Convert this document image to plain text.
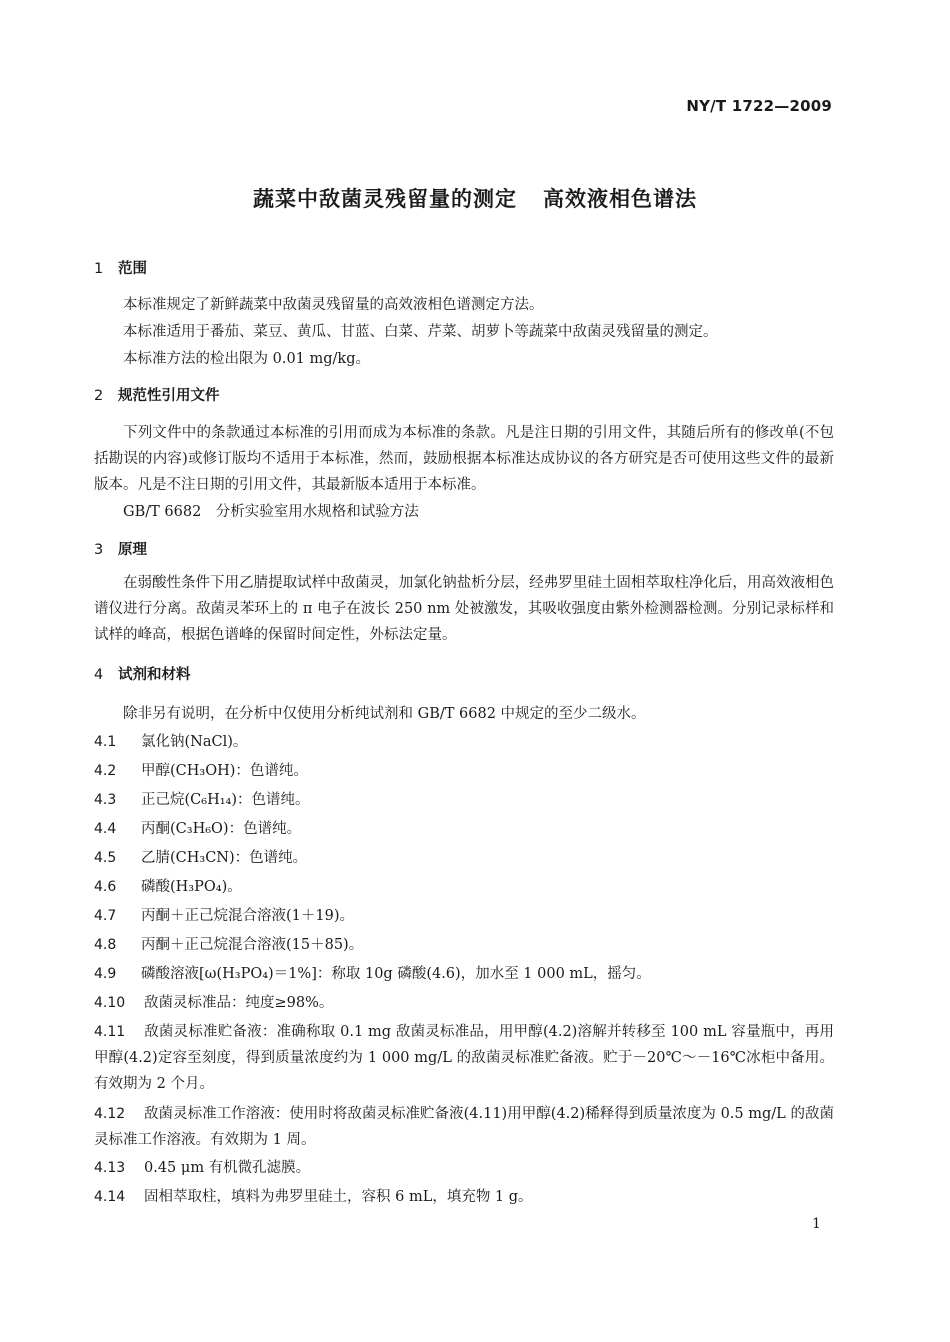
NY/T 1722—2009
蔬菜中敌菌灵残留量的测定 高效液相色谱法
1 范围
本标准规定了新鲜蔬菜中敌菌灵残留量的高效液相色谱测定方法。
本标准适用于番茄、菜豆、黄瓜、甘蓝、白菜、芹菜、胡萝卜等蔬菜中敌菌灵残留量的测定。
本标准方法的检出限为 0.01 mg/kg。
2 规范性引用文件
下列文件中的条款通过本标准的引用而成为本标准的条款。凡是注日期的引用文件，其随后所有的修改单(不包括勘误的内容)或修订版均不适用于本标准，然而，鼓励根据本标准达成协议的各方研究是否可使用这些文件的最新版本。凡是不注日期的引用文件，其最新版本适用于本标准。
GB/T 6682　分析实验室用水规格和试验方法
3 原理
在弱酸性条件下用乙腈提取试样中敌菌灵，加氯化钠盐析分层，经弗罗里硅土固相萃取柱净化后，用高效液相色谱仪进行分离。敌菌灵苯环上的 π 电子在波长 250 nm 处被激发，其吸收强度由紫外检测器检测。分别记录标样和试样的峰高，根据色谱峰的保留时间定性，外标法定量。
4 试剂和材料
除非另有说明，在分析中仅使用分析纯试剂和 GB/T 6682 中规定的至少二级水。
4.1 氯化钠(NaCl)。
4.2 甲醇(CH₃OH)：色谱纯。
4.3 正己烷(C₆H₁₄)：色谱纯。
4.4 丙酮(C₃H₆O)：色谱纯。
4.5 乙腈(CH₃CN)：色谱纯。
4.6 磷酸(H₃PO₄)。
4.7 丙酮＋正己烷混合溶液(1＋19)。
4.8 丙酮＋正己烷混合溶液(15＋85)。
4.9 磷酸溶液[ω(H₃PO₄)＝1%]：称取 10g 磷酸(4.6)，加水至 1 000 mL，摇匀。
4.10 敌菌灵标准品：纯度≥98%。
4.11 敌菌灵标准贮备液：准确称取 0.1 mg 敌菌灵标准品，用甲醇(4.2)溶解并转移至 100 mL 容量瓶中，再用甲醇(4.2)定容至刻度，得到质量浓度约为 1 000 mg/L 的敌菌灵标准贮备液。贮于－20℃～－16℃冰柜中备用。有效期为 2 个月。
4.12 敌菌灵标准工作溶液：使用时将敌菌灵标准贮备液(4.11)用甲醇(4.2)稀释得到质量浓度为 0.5 mg/L 的敌菌灵标准工作溶液。有效期为 1 周。
4.13 0.45 μm 有机微孔滤膜。
4.14 固相萃取柱，填料为弗罗里硅土，容积 6 mL，填充物 1 g。
1
